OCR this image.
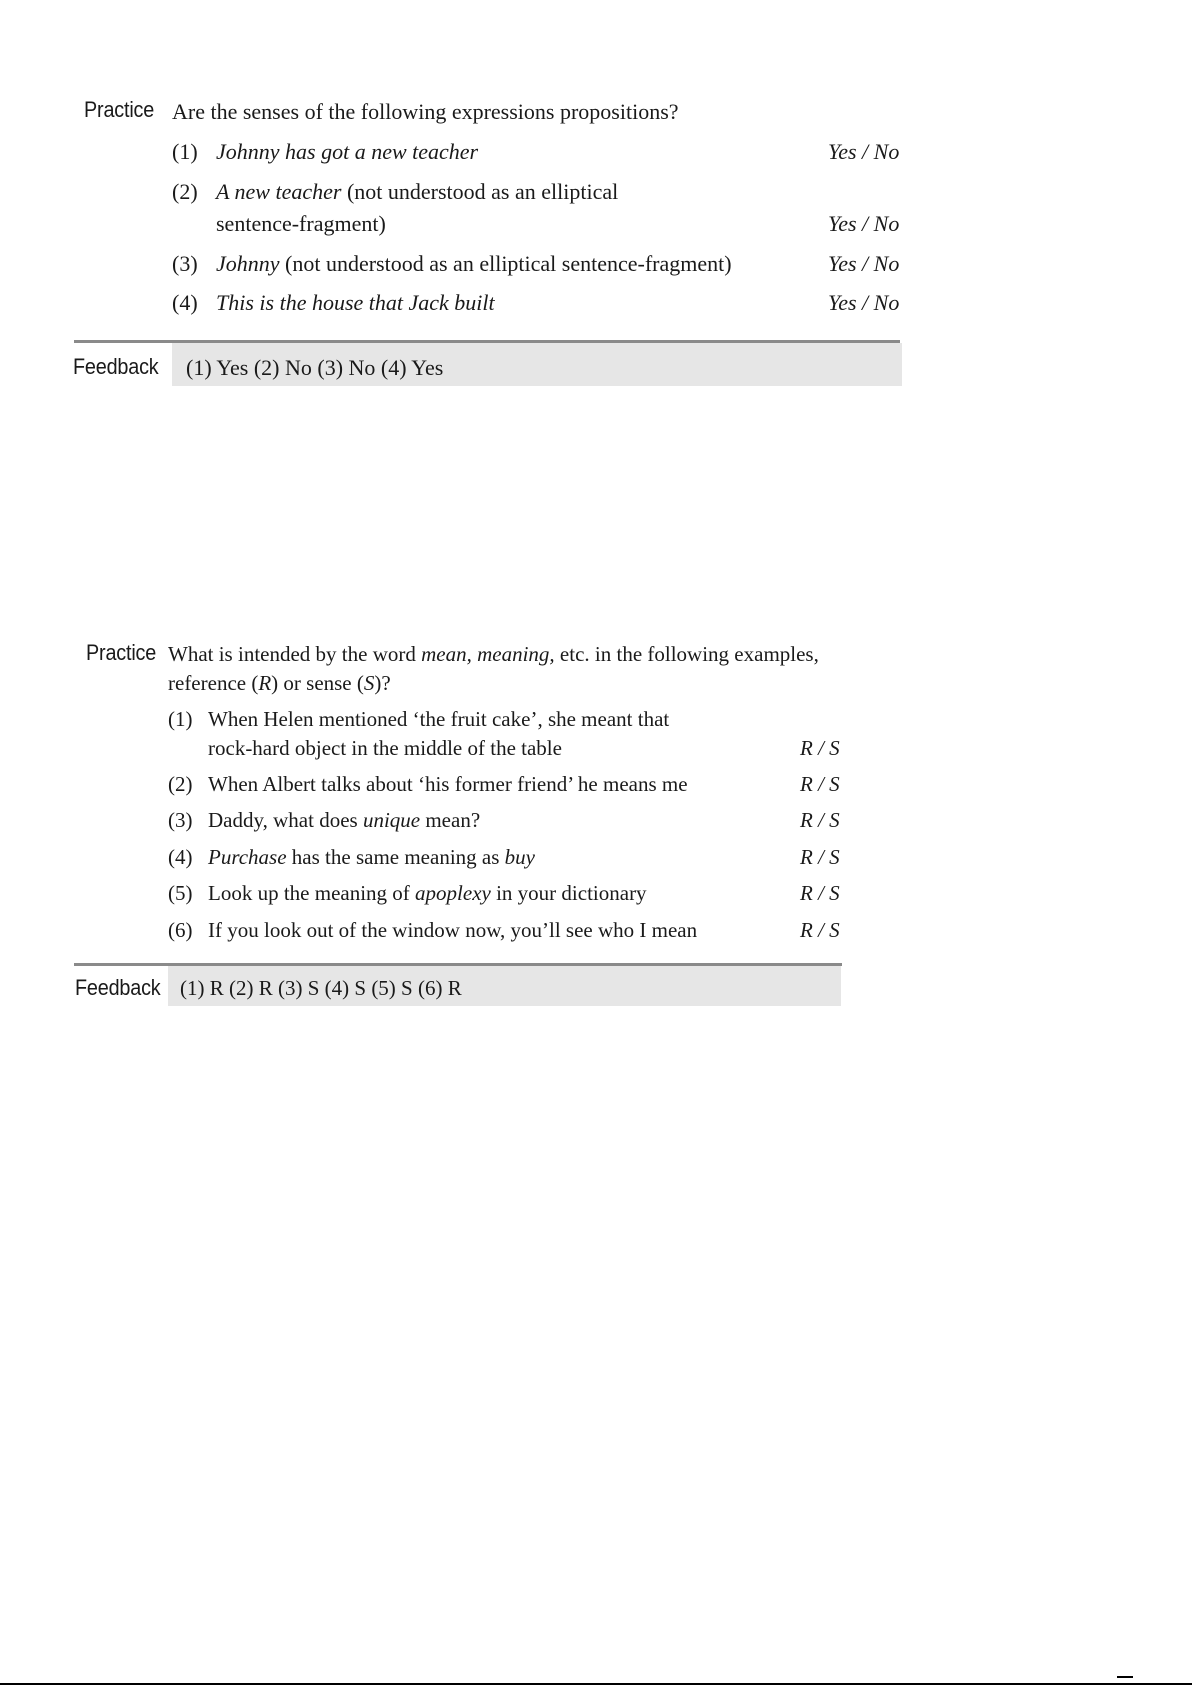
Practice Are the senses of the following expressions propositions?
(1) Johnny has got a new teacher	Yes / No
(2) A new teacher (not understood as an elliptical
sentence-fragment)	Yes / No
(3) Johnny (not understood as an elliptical sentence-fragment)	Yes / No
(4) This is the house that Jack built	Yes / No
Feedback (1) Yes (2) No (3) No (4) Yes
Practice What is intended by the word mean, meaning, etc. in the following examples,
reference (R) or sense (S)?
(1) When Helen mentioned ‘the fruit cake’, she meant that
rock-hard object in the middle of the table	R / S
(2) When Albert talks about ‘his former friend’ he means me	R / S
(3) Daddy, what does unique mean?	R / S
(4) Purchase has the same meaning as buy	R / S
(5) Look up the meaning of apoplexy in your dictionary	R / S
(6) If you look out of the window now, you’ll see who I mean	R / S
Feedback (1) R (2) R (3) S (4) S (5) S (6) R
